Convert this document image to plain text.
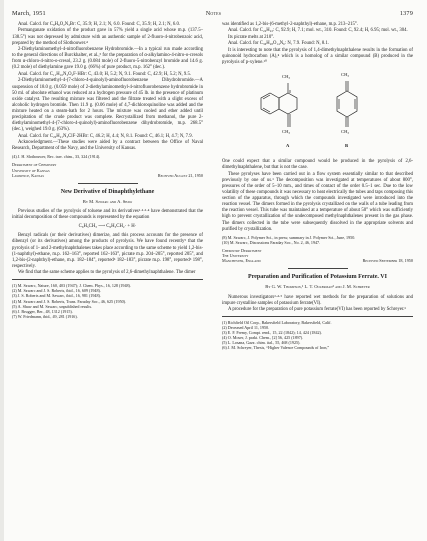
March, 1951	Notes	1379

Anal. Calcd. for C₈H₈O₂N₃Br: C, 35.9; H, 2.1; N, 6.0. Found: C, 35.9; H, 2.1; N, 6.0.

Permanganate oxidation of the product gave in 57% yield a single acid whose m.p. (137.5–138.5°) was not depressed by admixture with an authentic sample of 2-fluoro-4-nitrobenzoic acid, prepared by the method of Slothouwer.⁴

2-Diethylaminomethyl-4-nitrofluorobenzene Hydrobromide.—In a typical run made according to the general directions of Burckhalter, et al.,⁵ for the preparation of α-alkylamino-4-nitro-o-cresols from α-chloro-4-nitro-o-cresol, 23.2 g. (0.084 mole) of 2-fluoro-5-nitrobenzyl bromide and 14.6 g. (0.2 mole) of diethylamine gave 19.0 g. (66%) of pure product, m.p. 162° (dec.).

Anal. Calcd. for C₁₁H₁₆N₂O₂F·HBr: C, 43.0; H, 5.2; N, 9.1. Found: C, 42.9; H, 5.2; N, 9.5.

2-Diethylaminomethyl-4-(7-chloro-4-quinolyl)-aminofluorobenzene Dihydrobromide.—A suspension of 18.0 g. (0.059 mole) of 2-diethylaminomethyl-4-nitrofluorobenzene hydrobromide in 50 ml. of absolute ethanol was reduced at a hydrogen pressure of 45 lb. in the presence of platinum oxide catalyst. The resulting mixture was filtered and the filtrate treated with a slight excess of alcoholic hydrogen bromide. Then 11.9 g. (0.06 mole) of 4,7-dichloroquinoline was added and the mixture heated on a steam-bath for 2 hours. The mixture was cooled and ether added until precipitation of the crude product was complete. Recrystallized from methanol, the pure 2-diethylaminomethyl-4-(7-chloro-4-quinolyl)-aminofluorobenzene dihydrobromide, m.p. 268.5° (dec.), weighed 19.0 g. (63%).

Anal. Calcd. for C₂₀H₂₁N₃ClF·2HBr: C, 46.2; H, 4.4; N, 8.1. Found: C, 46.1; H, 4.7; N, 7.9.

Acknowledgment.—These studies were aided by a contract between the Office of Naval Research, Department of the Navy, and the University of Kansas.

(4) J. H. Slothouwer, Rec. trav. chim., 33, 324 (1914).

Department of Chemistry
University of Kansas
Lawrence, Kansas	Received August 21, 1950
New Derivative of Dinaphthylethane
By M. Szwarc and A. Shaw

Previous studies of the pyrolysis of toluene and its derivatives¹·²·³·⁴ have demonstrated that the initial decomposition of these compounds is represented by the equation

C₆H₅CH₃ ⟶ C₆H₅CH₂· + H·

Benzyl radicals (or their derivatives) dimerize, and this process accounts for the presence of dibenzyl (or its derivatives) among the products of pyrolysis. We have found recently⁵ that the pyrolysis of 1- and 2-methylnaphthalenes takes place according to the same scheme to yield 1,2-bis-(1-naphthyl)-ethane, m.p. 162–163°, reported 162–163°, picrate m.p. 204–205°, reported 205°, and 1,2-bis-(2-naphthyl)-ethane, m.p. 182–184°, reported⁶ 182–183°, picrate m.p. 198°, reported⁶ 198°, respectively.

We find that the same scheme applies to the pyrolysis of 2,6-dimethylnaphthalene. The dimer

(1) M. Szwarc, Nature, 160, 403 (1947); J. Chem. Phys., 16, 128 (1948).

(2) M. Szwarc and J. S. Roberts, ibid., 16, 609 (1948).

(3) J. S. Roberts and M. Szwarc, ibid., 16, 981 (1948).

(4) M. Szwarc and J. S. Roberts, Trans. Faraday Soc., 46, 625 (1950).

(5) A. Shaw and M. Szwarc, unpublished results.

(6) J. Brugger, Ber., 48, 1312 (1915).

(7) W. Friedmann, ibid., 49, 281 (1916).

was identified as 1,2-bis-(6-methyl-2-naphthyl)-ethane, m.p. 213–215°.

Anal. Calcd. for C₂₄H₂₂: C, 92.9; H, 7.1; mol. wt., 310. Found: C, 92.4; H, 6.95; mol. wt., 304.

Its picrate melts at 210°.

Anal. Calcd. for C₃₆H₂₈O₁₄N₆: N, 7.9. Found: N, 8.1.

It is interesting to note that the pyrolysis of 1,4-dimethylnaphthalene results in the formation of quinonoid hydrocarbon (A),⁸ which is a homolog of a similar compound (B) produced in the pyrolysis of p-xylene.¹⁰

CH₃
CH₃
CH₃
CH₃
A	B

One could expect that a similar compound would be produced in the pyrolysis of 2,6-dimethylnaphthalene, but that is not the case.

These pyrolyses have been carried out in a flow system essentially similar to that described previously by one of us.¹ The decomposition was investigated at temperatures of about 800°, pressures of the order of 5–10 mm., and times of contact of the order 0.5–1 sec. Due to the low volatility of these compounds it was necessary to heat electrically the tubes and taps composing this section of the apparatus, through which the compounds investigated were introduced into the reaction vessel. The dimers formed in the pyrolysis crystallized on the walls of a tube leading from the reaction vessel. This tube was maintained at a temperature of about 50° which was sufficiently high to prevent crystallization of the undecomposed methylnaphthalenes present in the gas phase. The dimers collected in the tube were subsequently dissolved in the appropriate solvents and purified by crystallization.

(8) M. Szwarc, J. Polymer Sci., in press; summary in J. Polymer Sci., June, 1950.

(10) M. Szwarc, Discussions Faraday Soc., No. 2, 46, 1947.

Chemistry Department
The University
Manchester, England	Received September 18, 1950
Preparation and Purification of Potassium Ferrate. VI
By G. W. Thompson,¹ L. T. Ockerman² and J. M. Schreyer

Numerous investigators³·⁴·⁵ have reported wet methods for the preparation of solutions and impure crystalline samples of potassium ferrate(VI).

A procedure for the preparation of pure potassium ferrate(VI) has been reported by Schreyer.⁶

(1) Richfield Oil Corp., Bakersfield Laboratory, Bakersfield, Calif.

(2) Deceased April 11, 1950.

(3) E. F. Fremy, Compt. rend., 15, 22 (1842); 14, 424 (1842).

(4) O. Moser, J. prakt. Chem., [2] 56, 425 (1897).

(5) L. Losana, Gazz. chim. ital., 55, 468 (1925).

(6) J. M. Schreyer, Thesis, “Higher Valence Compounds of Iron,”
